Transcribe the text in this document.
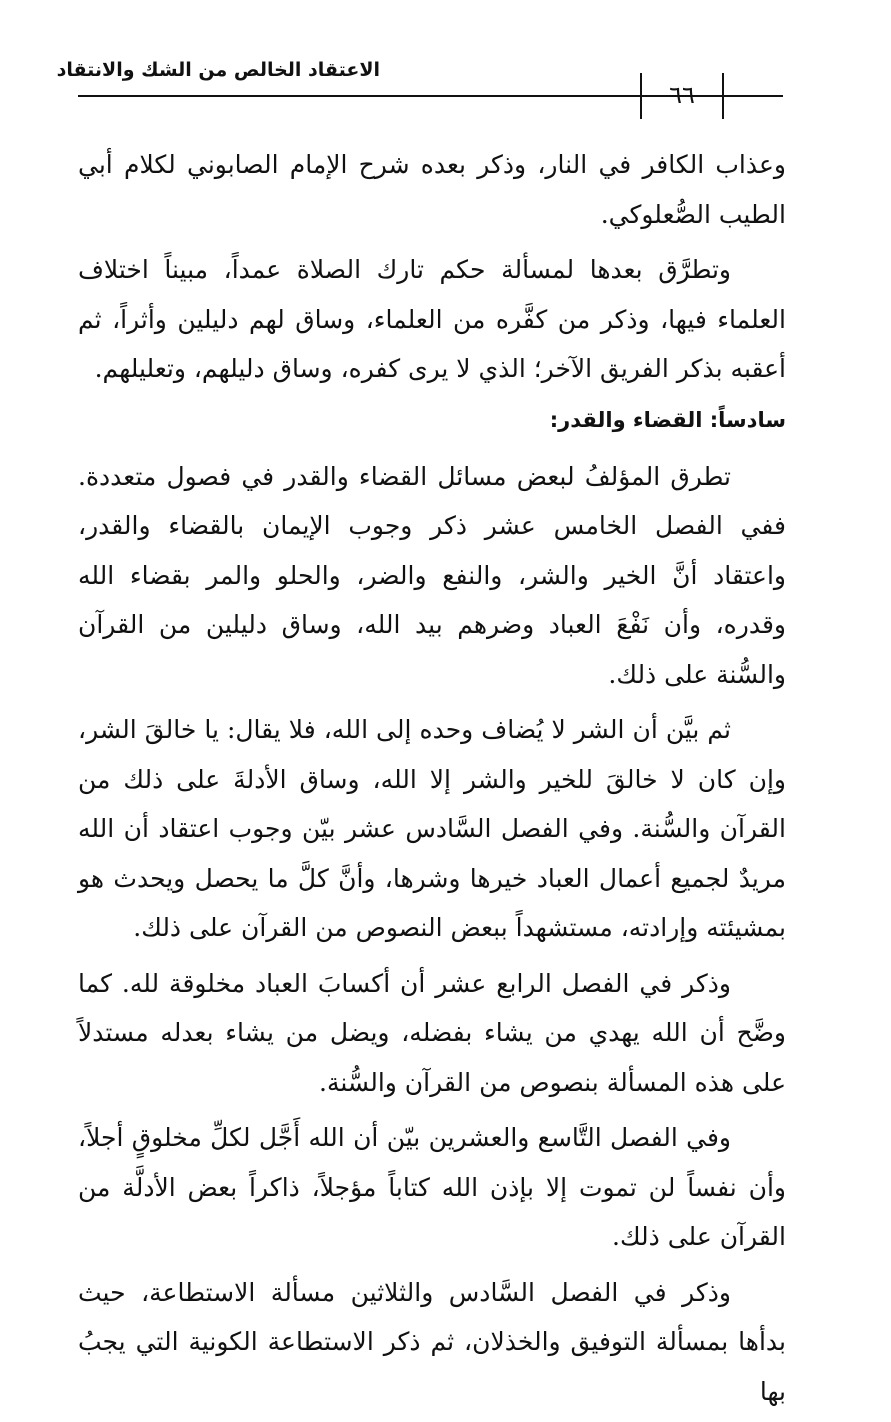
الاعتقاد الخالص من الشك والانتقاد
٦٦

وعذاب الكافر في النار، وذكر بعده شرح الإمام الصابوني لكلام أبي الطيب الصُّعلوكي.

وتطرَّق بعدها لمسألة حكم تارك الصلاة عمداً، مبيناً اختلاف العلماء فيها، وذكر من كفَّره من العلماء، وساق لهم دليلين وأثراً، ثم أعقبه بذكر الفريق الآخر؛ الذي لا يرى كفره، وساق دليلهم، وتعليلهم.

سادساً: القضاء والقدر:

تطرق المؤلفُ لبعض مسائل القضاء والقدر في فصول متعددة. ففي الفصل الخامس عشر ذكر وجوب الإيمان بالقضاء والقدر، واعتقاد أنَّ الخير والشر، والنفع والضر، والحلو والمر بقضاء الله وقدره، وأن نَفْعَ العباد وضرهم بيد الله، وساق دليلين من القرآن والسُّنة على ذلك.

ثم بيَّن أن الشر لا يُضاف وحده إلى الله، فلا يقال: يا خالقَ الشر، وإن كان لا خالقَ للخير والشر إلا الله، وساق الأدلةَ على ذلك من القرآن والسُّنة. وفي الفصل السَّادس عشر بيّن وجوب اعتقاد أن الله مريدٌ لجميع أعمال العباد خيرها وشرها، وأنَّ كلَّ ما يحصل ويحدث هو بمشيئته وإرادته، مستشهداً ببعض النصوص من القرآن على ذلك.

وذكر في الفصل الرابع عشر أن أكسابَ العباد مخلوقة لله. كما وضَّح أن الله يهدي من يشاء بفضله، ويضل من يشاء بعدله مستدلاً على هذه المسألة بنصوص من القرآن والسُّنة.

وفي الفصل التَّاسع والعشرين بيّن أن الله أَجَّل لكلِّ مخلوقٍ أجلاً، وأن نفساً لن تموت إلا بإذن الله كتاباً مؤجلاً، ذاكراً بعض الأدلَّة من القرآن على ذلك.

وذكر في الفصل السَّادس والثلاثين مسألة الاستطاعة، حيث بدأها بمسألة التوفيق والخذلان، ثم ذكر الاستطاعة الكونية التي يجبُ بها
